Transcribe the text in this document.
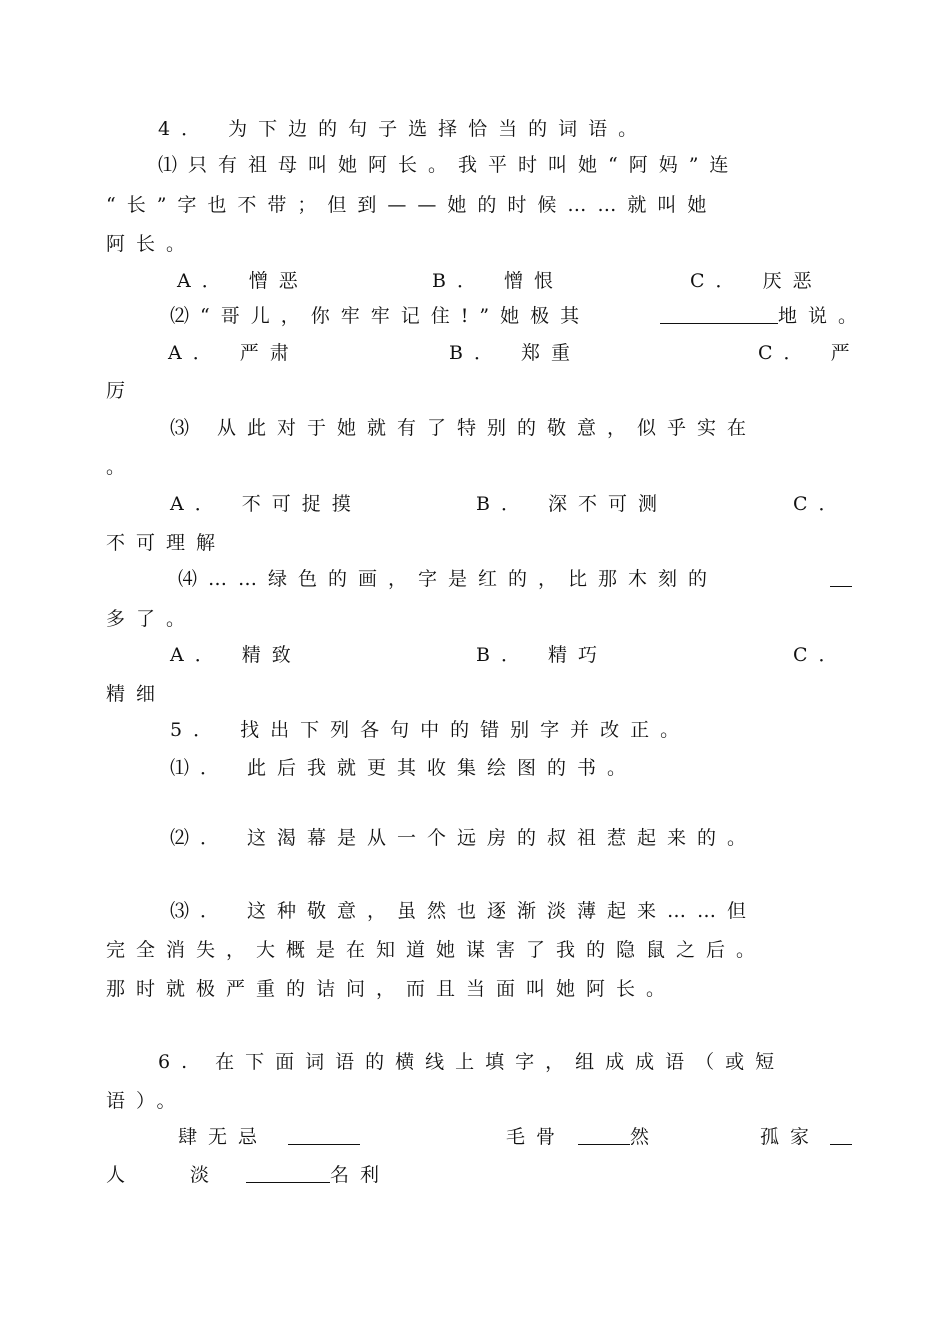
4． 为下边的句子选择恰当的词语。
⑴只有祖母叫她阿长。我平时叫她“阿妈”连
“长”字也不带；但到——她的时候……就叫她
阿长。
A． 憎恶	B． 憎恨	C． 厌恶
⑵“哥儿，你牢牢记住!”她极其	地说。
A． 严肃	B． 郑重	C． 严
厉
⑶ 从此对于她就有了特别的敬意，似乎实在
。
A． 不可捉摸	B． 深不可测	C．
不可理解
⑷……绿色的画，字是红的，比那木刻的
多了。
A． 精致	B． 精巧	C．
精细
5． 找出下列各句中的错别字并改正。
⑴． 此后我就更其收集绘图的书。
⑵． 这渴幕是从一个远房的叔祖惹起来的。
⑶． 这种敬意，虽然也逐渐淡薄起来……但
完全消失，大概是在知道她谋害了我的隐鼠之后。
那时就极严重的诘问，而且当面叫她阿长。
6. 在下面词语的横线上填字，组成成语（或短
语）。
肆无忌	毛骨	然	孤家
人	淡	名利
